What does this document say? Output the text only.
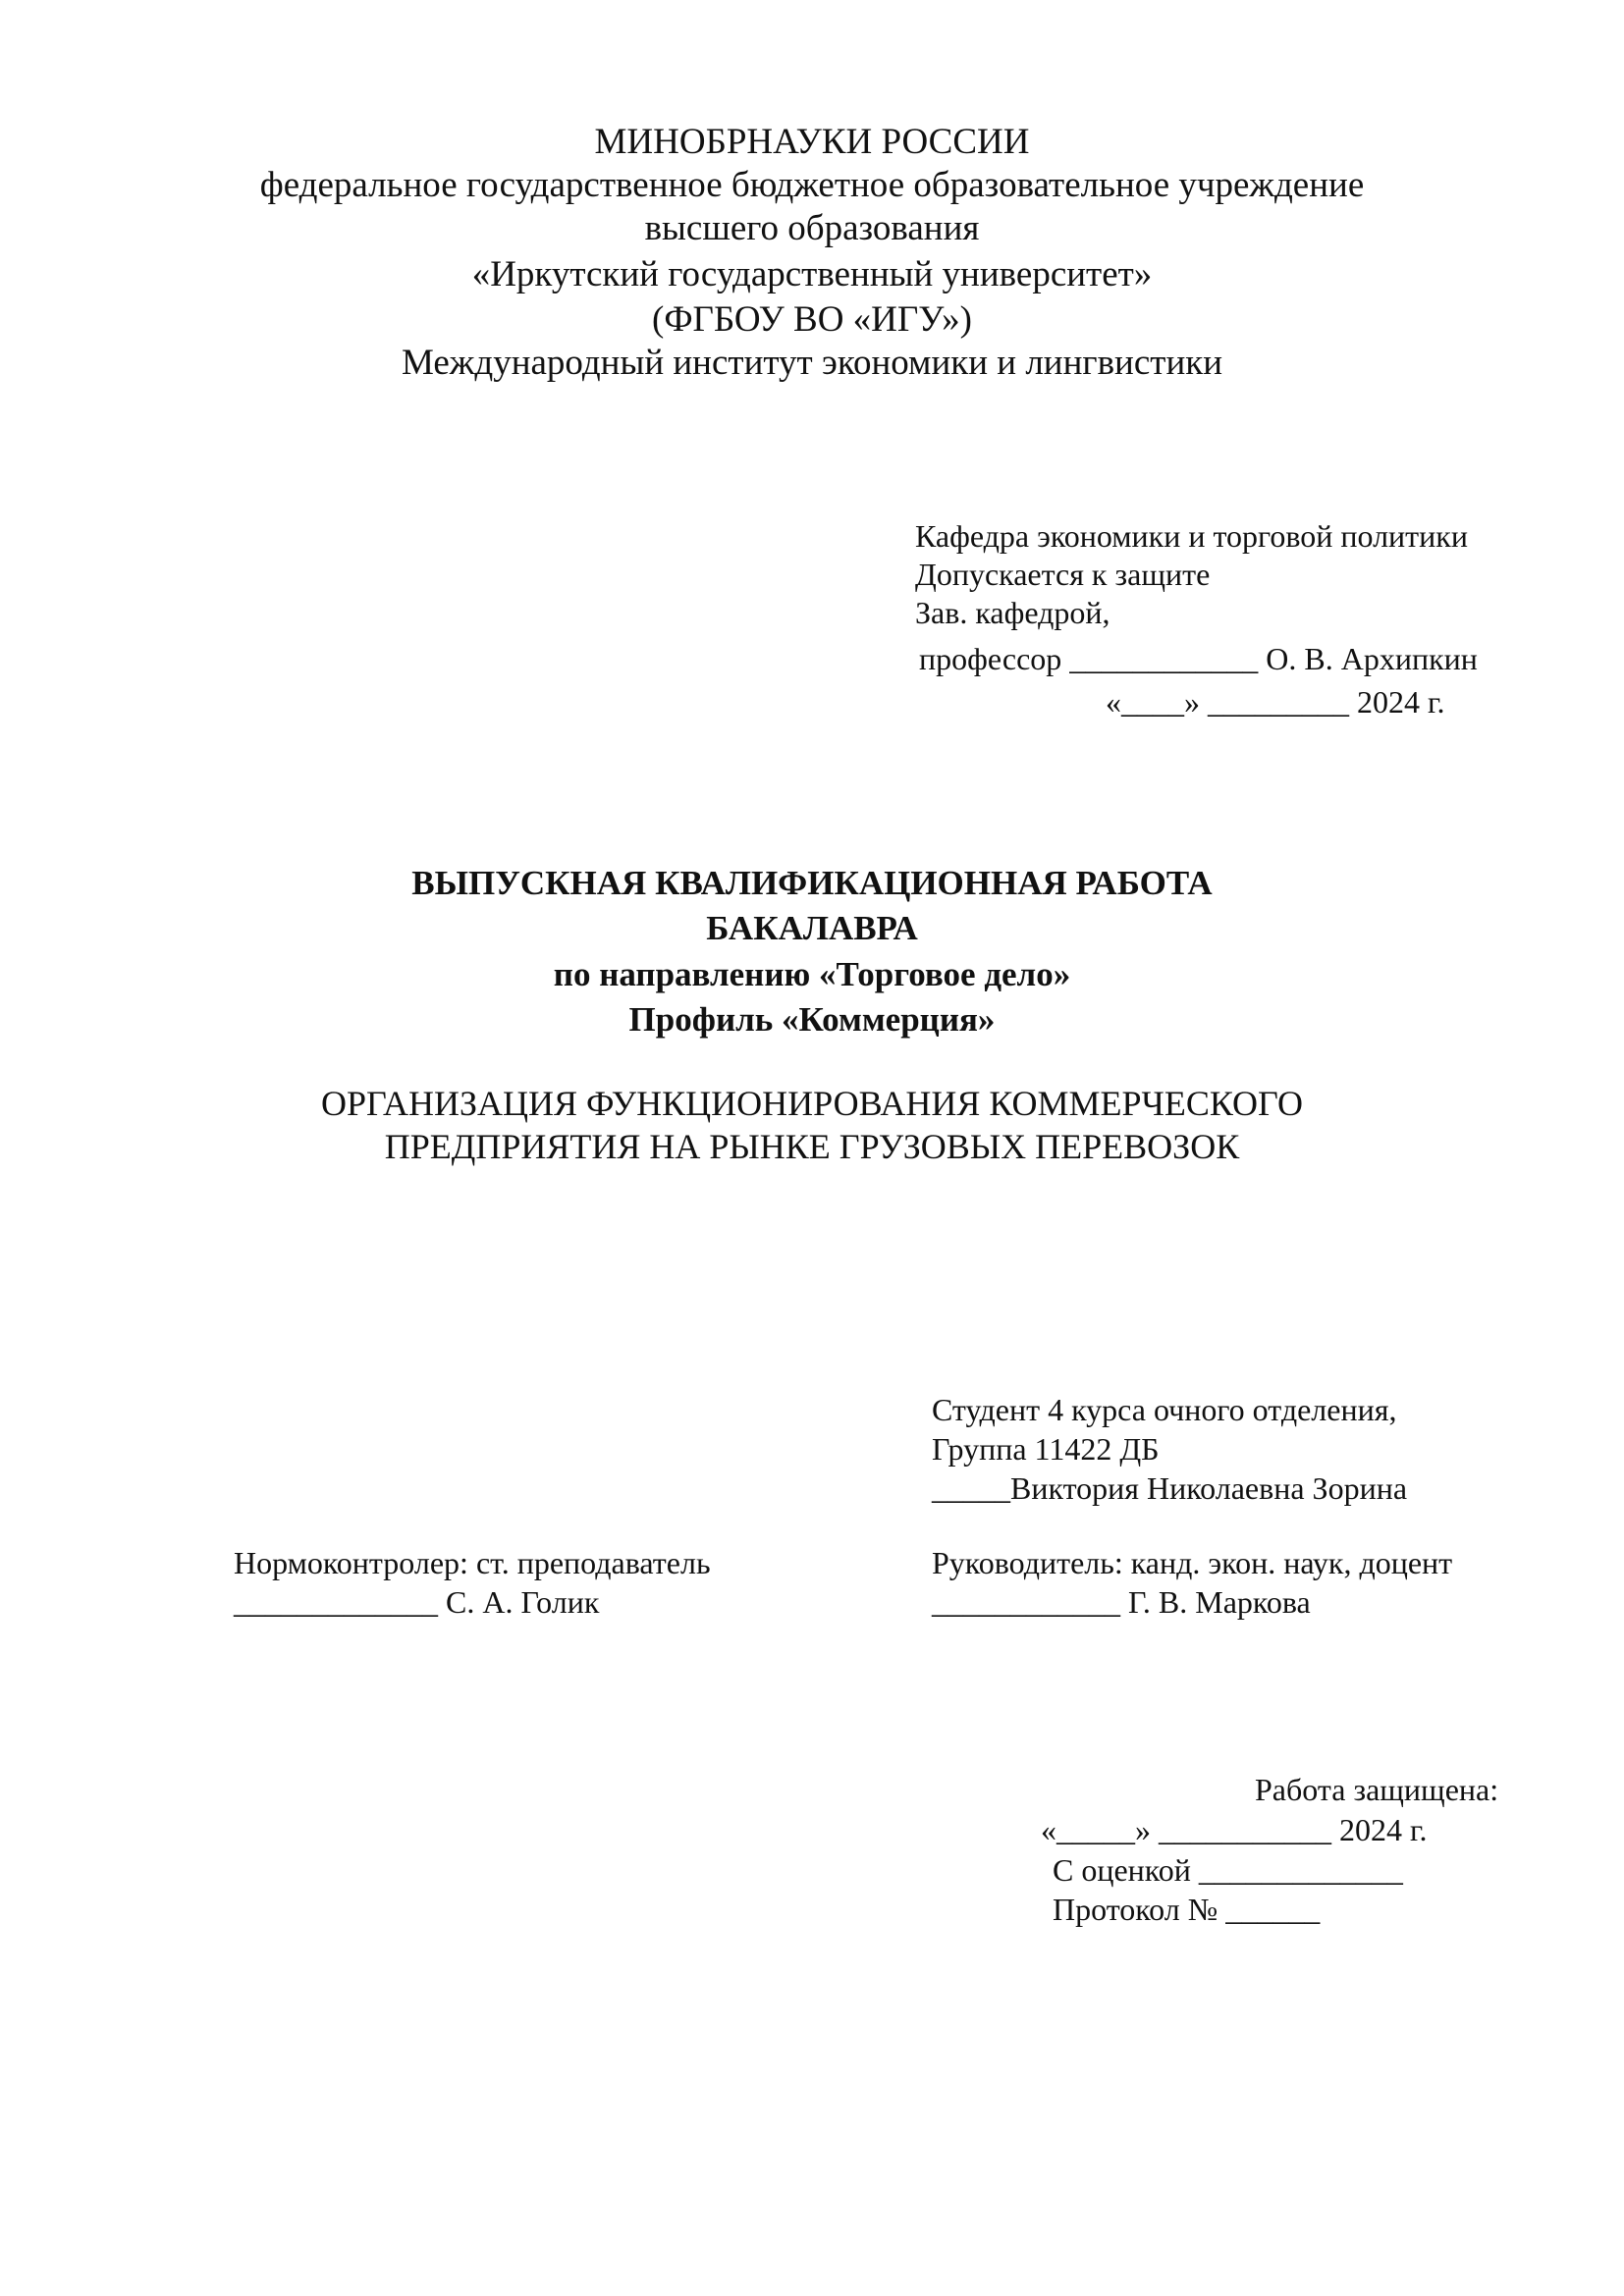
МИНОБРНАУКИ РОССИИ
федеральное государственное бюджетное образовательное учреждение
высшего образования
«Иркутский государственный университет»
(ФГБОУ ВО «ИГУ»)
Международный институт экономики и лингвистики
Кафедра экономики и торговой политики
Допускается к защите
Зав. кафедрой,
профессор ____________ О. В. Архипкин
«____» _________ 2024 г.
ВЫПУСКНАЯ КВАЛИФИКАЦИОННАЯ РАБОТА
БАКАЛАВРА
по направлению «Торговое дело»
Профиль «Коммерция»
ОРГАНИЗАЦИЯ ФУНКЦИОНИРОВАНИЯ КОММЕРЧЕСКОГО
ПРЕДПРИЯТИЯ НА РЫНКЕ ГРУЗОВЫХ ПЕРЕВОЗОК
Студент 4 курса очного отделения,
Группа 11422 ДБ
_____Виктория Николаевна Зорина
Нормоконтролер: ст. преподаватель
_____________ С. А. Голик
Руководитель: канд. экон. наук, доцент
____________ Г. В. Маркова
Работа защищена:
«_____» ___________ 2024 г.
С оценкой _____________
Протокол № ______
